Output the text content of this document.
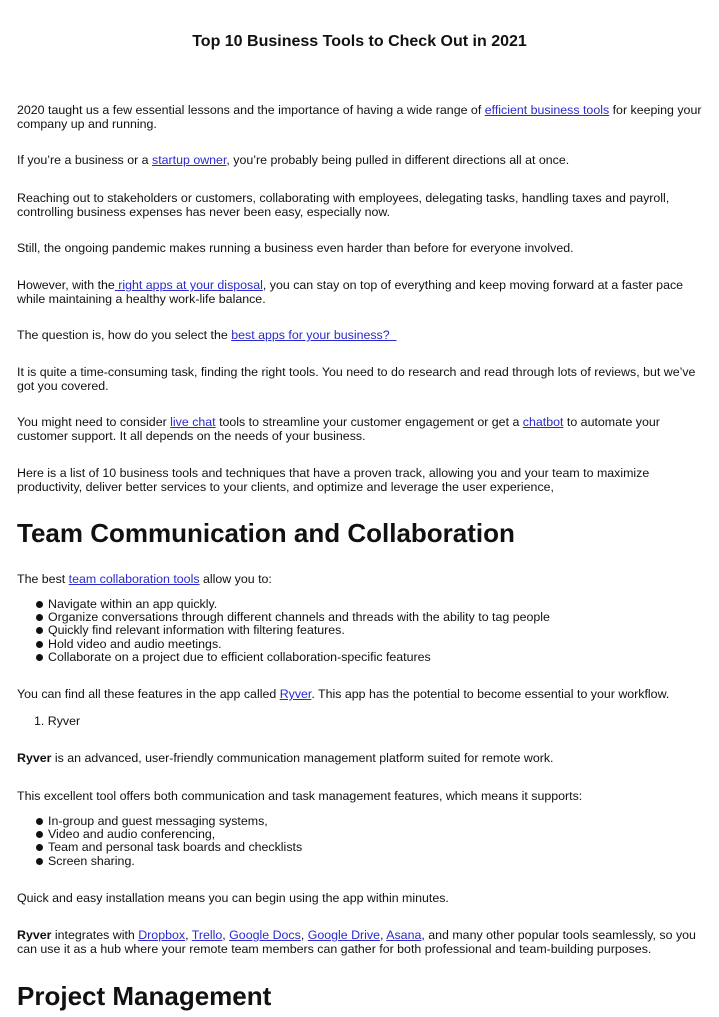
Top 10 Business Tools to Check Out in 2021

2020 taught us a few essential lessons and the importance of having a wide range of efficient business tools for keeping your company up and running.

If you’re a business or a startup owner, you’re probably being pulled in different directions all at once.

Reaching out to stakeholders or customers, collaborating with employees, delegating tasks, handling taxes and payroll, controlling business expenses has never been easy, especially now.

Still, the ongoing pandemic makes running a business even harder than before for everyone involved.

However, with the right apps at your disposal, you can stay on top of everything and keep moving forward at a faster pace while maintaining a healthy work-life balance.

The question is, how do you select the best apps for your business?

It is quite a time-consuming task, finding the right tools. You need to do research and read through lots of reviews, but we’ve got you covered.

You might need to consider live chat tools to streamline your customer engagement or get a chatbot to automate your customer support. It all depends on the needs of your business.

Here is a list of 10 business tools and techniques that have a proven track, allowing you and your team to maximize productivity, deliver better services to your clients, and optimize and leverage the user experience,

Team Communication and Collaboration

The best team collaboration tools allow you to:

Navigate within an app quickly.
Organize conversations through different channels and threads with the ability to tag people
Quickly find relevant information with filtering features.
Hold video and audio meetings.
Collaborate on a project due to efficient collaboration-specific features

You can find all these features in the app called Ryver. This app has the potential to become essential to your workflow.

1. Ryver

Ryver is an advanced, user-friendly communication management platform suited for remote work.

This excellent tool offers both communication and task management features, which means it supports:

In-group and guest messaging systems,
Video and audio conferencing,
Team and personal task boards and checklists
Screen sharing.

Quick and easy installation means you can begin using the app within minutes.

Ryver integrates with Dropbox, Trello, Google Docs, Google Drive, Asana, and many other popular tools seamlessly, so you can use it as a hub where your remote team members can gather for both professional and team-building purposes.

Project Management
